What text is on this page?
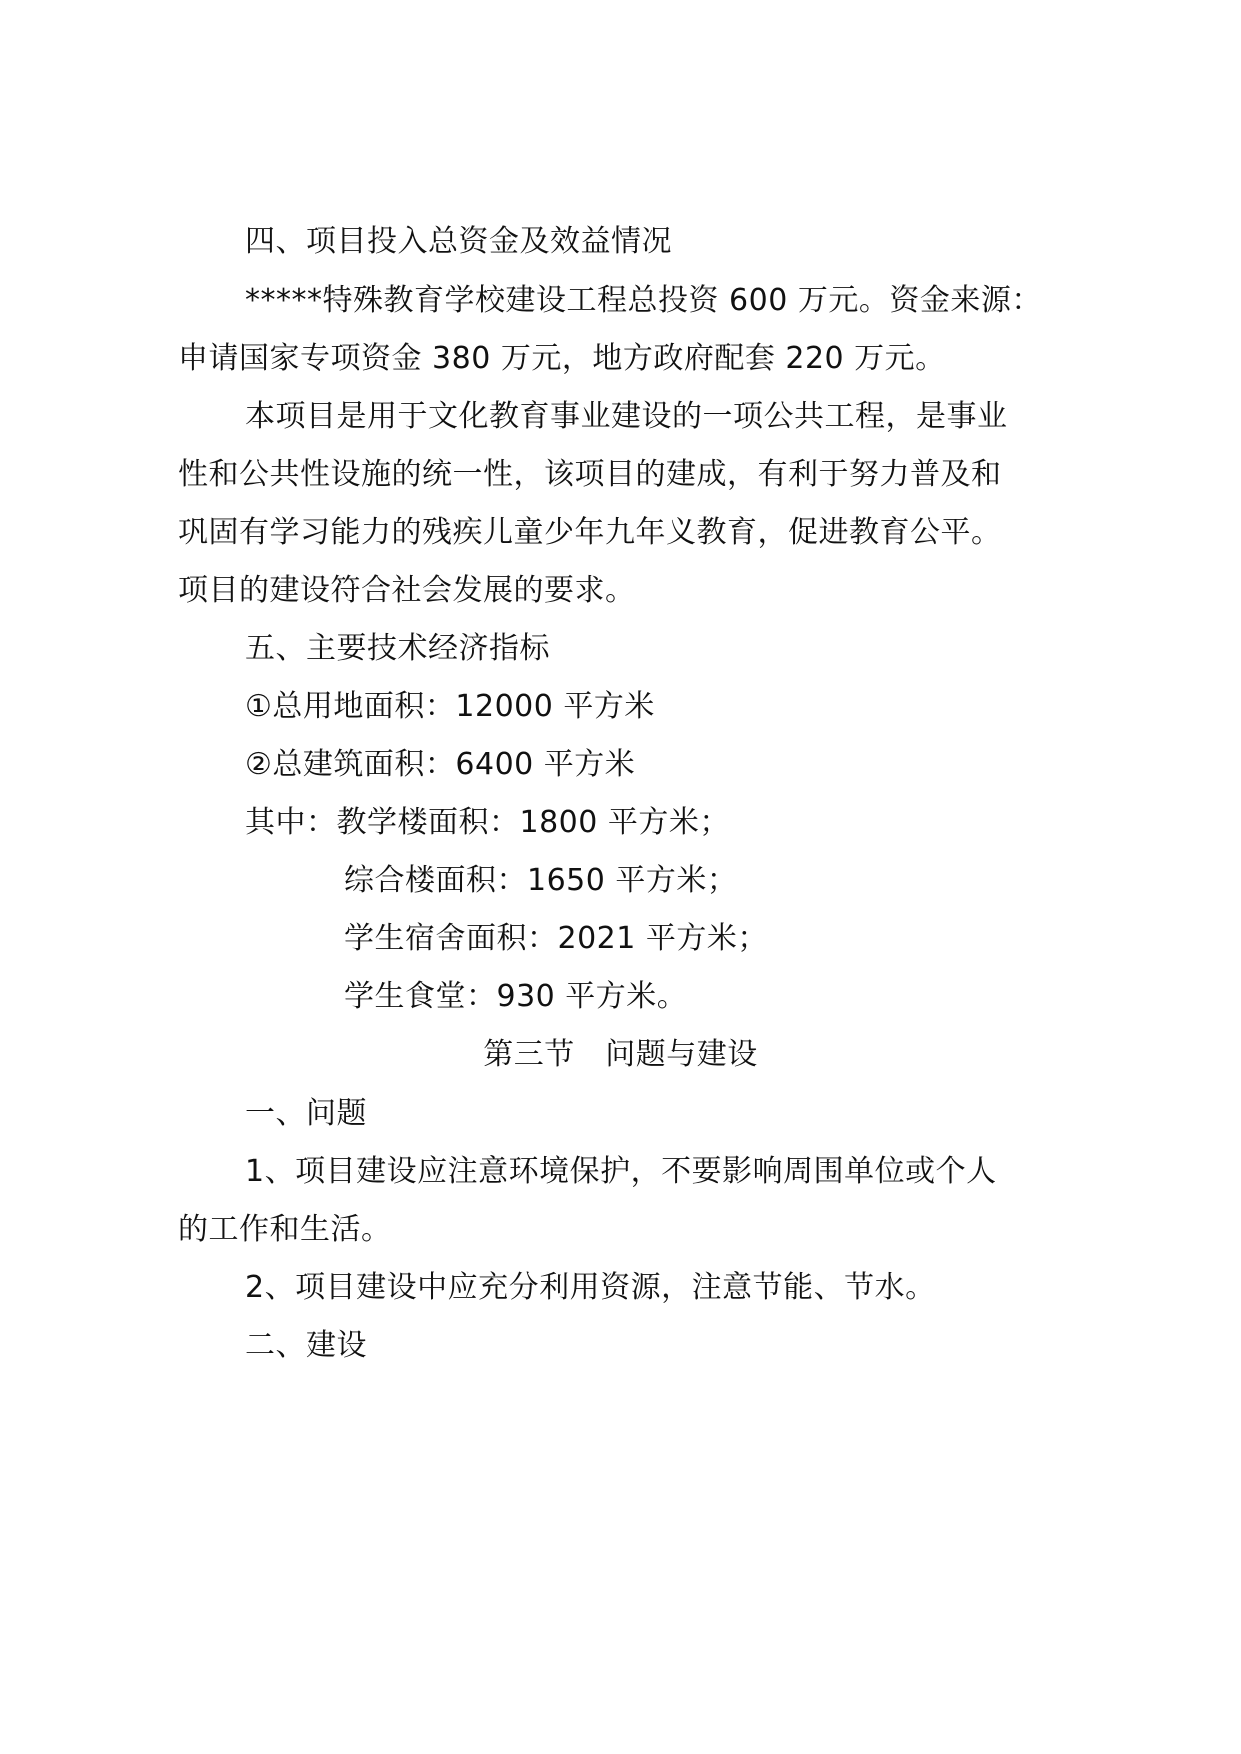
四、项目投入总资金及效益情况
*****特殊教育学校建设工程总投资 600 万元。资金来源：
申请国家专项资金 380 万元，地方政府配套 220 万元。
本项目是用于文化教育事业建设的一项公共工程，是事业
性和公共性设施的统一性，该项目的建成，有利于努力普及和
巩固有学习能力的残疾儿童少年九年义教育，促进教育公平。
项目的建设符合社会发展的要求。
五、主要技术经济指标
①总用地面积：12000 平方米
②总建筑面积：6400 平方米
其中：教学楼面积：1800 平方米；
综合楼面积：1650 平方米；
学生宿舍面积：2021 平方米；
学生食堂：930 平方米。
第三节　问题与建设
一、问题
1、项目建设应注意环境保护，不要影响周围单位或个人
的工作和生活。
2、项目建设中应充分利用资源，注意节能、节水。
二、建设
